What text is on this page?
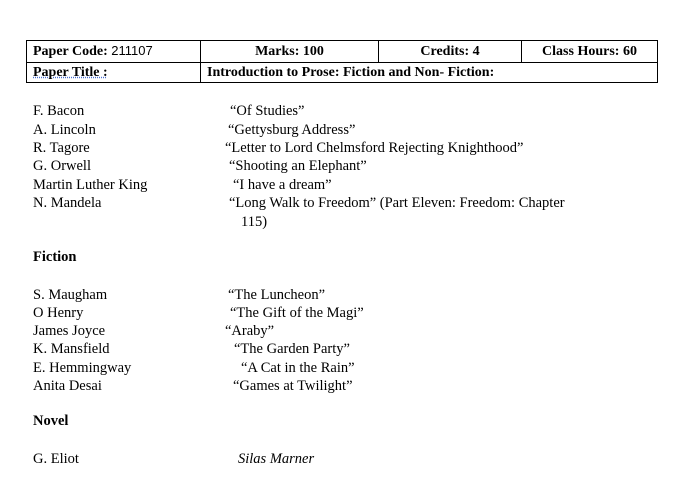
Paper Code: 211107	Marks: 100	Credits: 4	Class Hours: 60
Paper Title :	Introduction to Prose: Fiction and Non- Fiction:		
F. Bacon	“Of Studies”
A. Lincoln	“Gettysburg Address”
R. Tagore	“Letter to Lord Chelmsford Rejecting Knighthood”
G. Orwell	“Shooting an Elephant”
Martin Luther King	“I have a dream”
N. Mandela	“Long Walk to Freedom” (Part Eleven: Freedom: Chapter
115)
Fiction
S. Maugham	“The Luncheon”
O Henry	“The Gift of the Magi”
James Joyce	“Araby”
K. Mansfield	“The Garden Party”
E. Hemmingway	“A Cat in the Rain”
Anita Desai	“Games at Twilight”
Novel
G. Eliot	Silas Marner
